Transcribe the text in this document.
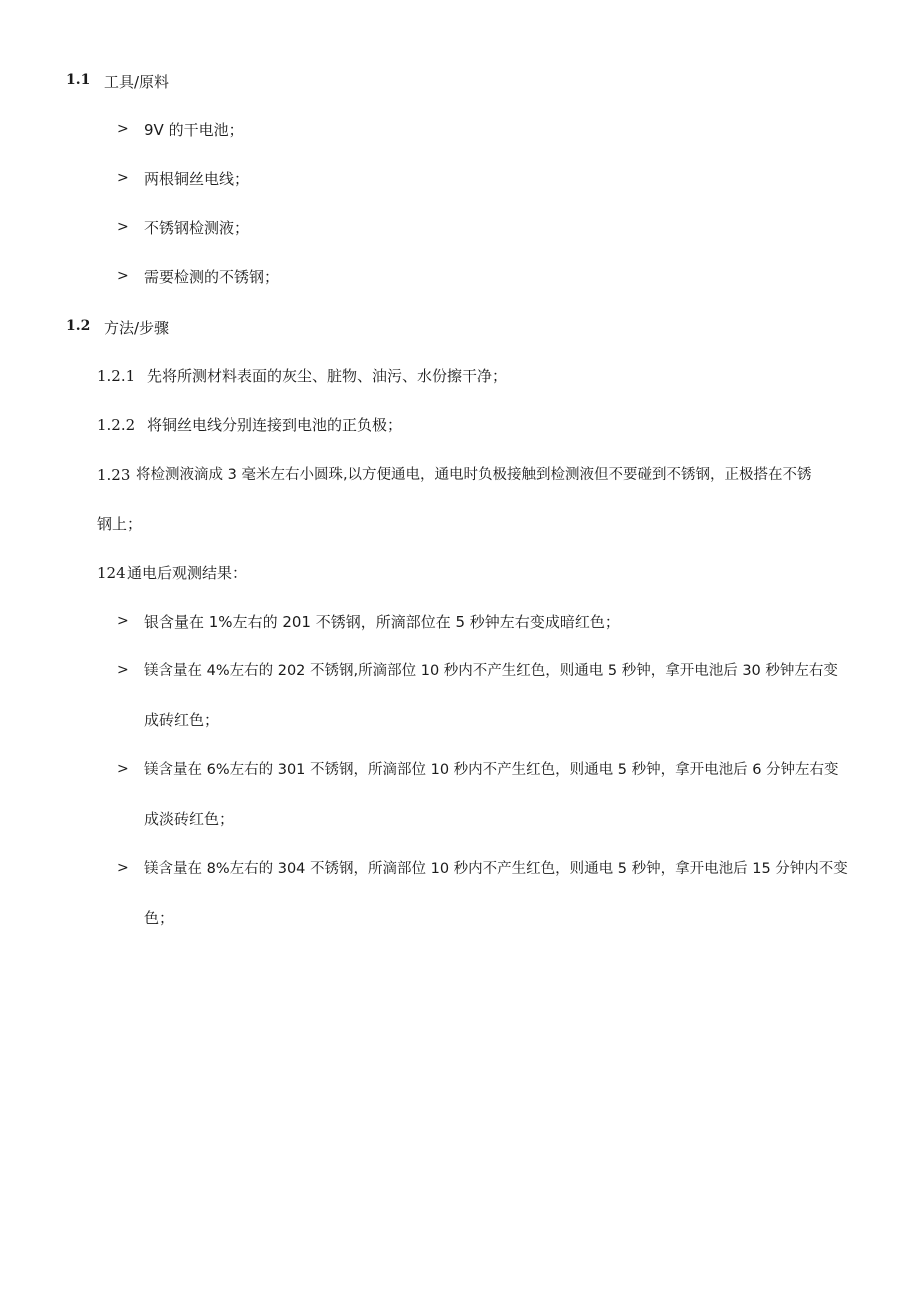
1.1 工具/原料
> 9V 的干电池；
> 两根铜丝电线；
> 不锈钢检测液；
> 需要检测的不锈钢；
1.2 方法/步骤
1.2.1 先将所测材料表面的灰尘、脏物、油污、水份擦干净；
1.2.2 将铜丝电线分别连接到电池的正负极；
1.23 将检测液滴成 3 毫米左右小圆珠,以方便通电，通电时负极接触到检测液但不要碰到不锈钢，正极搭在不锈
钢上；
124 通电后观测结果：
> 银含量在 1%左右的 201 不锈钢，所滴部位在 5 秒钟左右变成暗红色；
> 镁含量在 4%左右的 202 不锈钢,所滴部位 10 秒内不产生红色，则通电 5 秒钟，拿开电池后 30 秒钟左右变
成砖红色；
> 镁含量在 6%左右的 301 不锈钢，所滴部位 10 秒内不产生红色，则通电 5 秒钟，拿开电池后 6 分钟左右变
成淡砖红色；
> 镁含量在 8%左右的 304 不锈钢，所滴部位 10 秒内不产生红色，则通电 5 秒钟，拿开电池后 15 分钟内不变
色；
